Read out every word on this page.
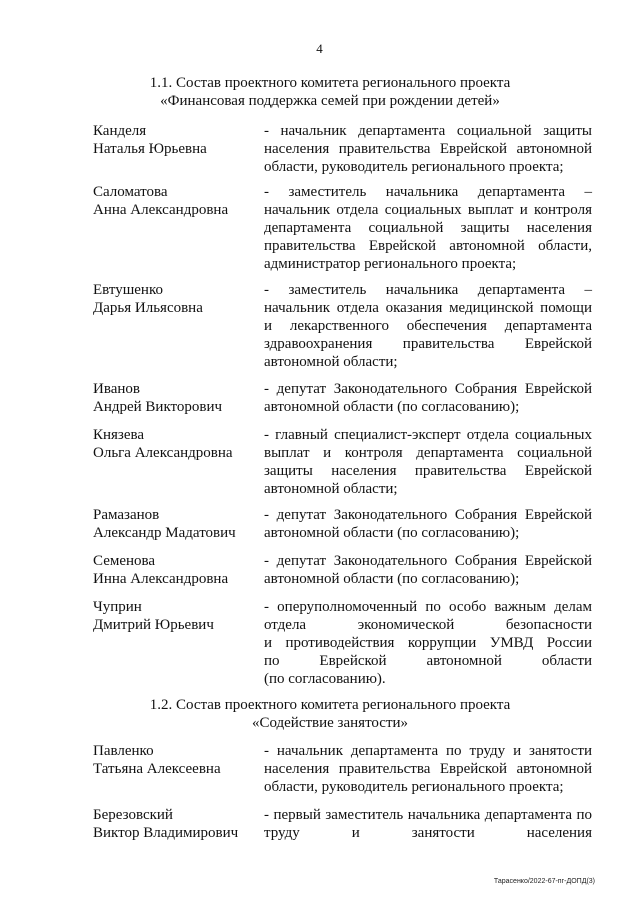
4
1.1. Состав проектного комитета регионального проекта
«Финансовая поддержка семей при рождении детей»
Канделя
Наталья Юрьевна
- начальник департамента социальной защиты
населения правительства Еврейской автономной
области, руководитель регионального проекта;
Саломатова
Анна Александровна
- заместитель начальника департамента –
начальник отдела социальных выплат и контроля
департамента социальной защиты населения
правительства Еврейской автономной области,
администратор регионального проекта;
Евтушенко
Дарья Ильясовна
- заместитель начальника департамента –
начальник отдела оказания медицинской помощи
и лекарственного обеспечения департамента
здравоохранения правительства Еврейской
автономной области;
Иванов
Андрей Викторович
- депутат Законодательного Собрания Еврейской
автономной области (по согласованию);
Князева
Ольга Александровна
- главный специалист-эксперт отдела социальных
выплат и контроля департамента социальной
защиты населения правительства Еврейской
автономной области;
Рамазанов
Александр Мадатович
- депутат Законодательного Собрания Еврейской
автономной области (по согласованию);
Семенова
Инна Александровна
- депутат Законодательного Собрания Еврейской
автономной области (по согласованию);
Чуприн
Дмитрий Юрьевич
- оперуполномоченный по особо важным делам
отдела экономической безопасности
и противодействия коррупции УМВД России
по Еврейской автономной области
(по согласованию).
1.2. Состав проектного комитета регионального проекта
«Содействие занятости»
Павленко
Татьяна Алексеевна
- начальник департамента по труду и занятости
населения правительства Еврейской автономной
области, руководитель регионального проекта;
Березовский
Виктор Владимирович
- первый заместитель начальника департамента по
труду и занятости населения
Тарасенко/2022-67-пг-ДОПД(3)
